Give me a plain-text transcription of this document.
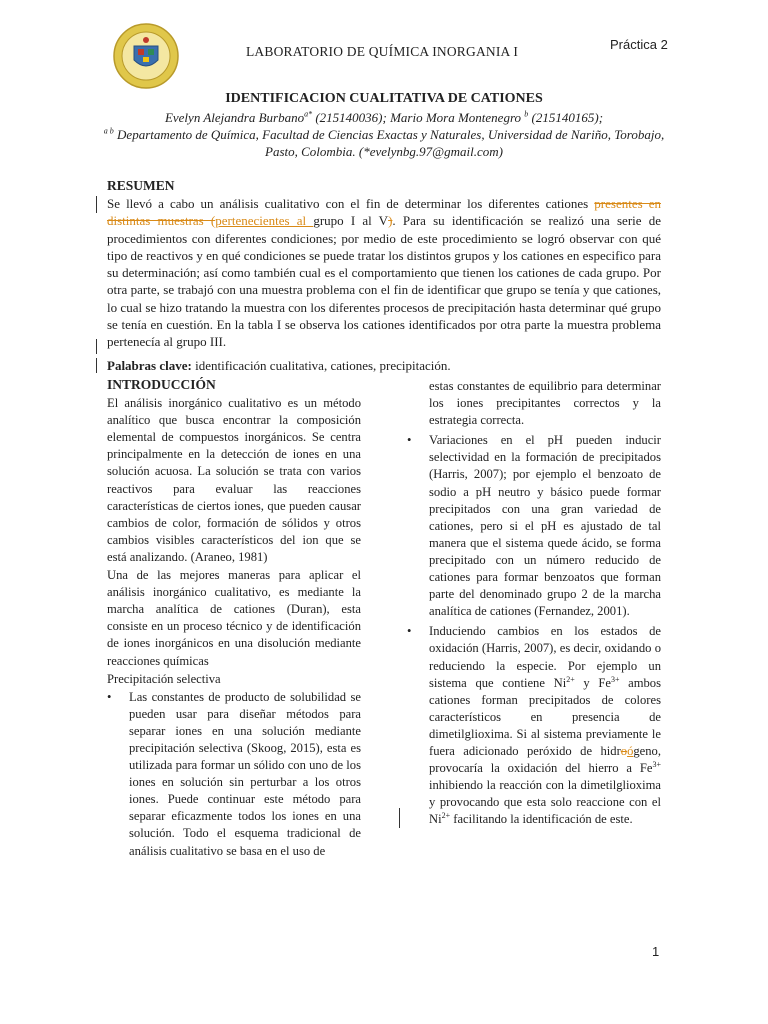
LABORATORIO DE QUÍMICA INORGANIA I	Práctica 2
IDENTIFICACION CUALITATIVA DE CATIONES
Evelyn Alejandra Burbano$^{a*}$ (215140036); Mario Mora Montenegro $^b$ (215140165);
$^{a b}$ Departamento de Química, Facultad de Ciencias Exactas y Naturales, Universidad de Nariño, Torobajo,
Pasto, Colombia. (*evelynbg.97@gmail.com)
RESUMEN
Se llevó a cabo un análisis cualitativo con el fin de determinar los diferentes cationes presentes en distintas muestras (pertenecientes al grupo I al V). Para su identificación se realizó una serie de procedimientos con diferentes condiciones; por medio de este procedimiento se logró observar con qué tipo de reactivos y en qué condiciones se puede tratar los distintos grupos y los cationes en especifico para su determinación; así como también cual es el comportamiento que tienen los cationes de cada grupo. Por otra parte, se trabajó con una muestra problema con el fin de identificar que grupo se tenía y que cationes, lo cual se hizo tratando la muestra con los diferentes procesos de precipitación hasta determinar qué grupo se tenía en cuestión. En la tabla I se observa los cationes identificados por otra parte la muestra problema pertenecía al grupo III.
Palabras clave: identificación cualitativa, cationes, precipitación.
INTRODUCCIÓN

El análisis inorgánico cualitativo es un método analítico que busca encontrar la composición elemental de compuestos inorgánicos. Se centra principalmente en la detección de iones en una solución acuosa. La solución se trata con varios reactivos para evaluar las reacciones características de ciertos iones, que pueden causar cambios de color, formación de sólidos y otros cambios visibles característicos del ion que se está analizando. (Araneo, 1981)

Una de las mejores maneras para aplicar el análisis inorgánico cualitativo, es mediante la marcha analítica de cationes (Duran), esta consiste en un proceso técnico y de identificación de iones inorgánicos en una disolución mediante reacciones químicas

Precipitación selectiva

• Las constantes de producto de solubilidad se pueden usar para diseñar métodos para separar iones en una solución mediante precipitación selectiva (Skoog, 2015), esta es utilizada para formar un sólido con uno de los iones en solución sin perturbar a los otros iones. Puede continuar este método para separar eficazmente todos los iones en una solución. Todo el esquema tradicional de análisis cualitativo se basa en el uso de
estas constantes de equilibrio para determinar los iones precipitantes correctos y la estrategia correcta.
• Variaciones en el pH pueden inducir selectividad en la formación de precipitados (Harris, 2007); por ejemplo el benzoato de sodio a pH neutro y básico puede formar precipitados con una gran variedad de cationes, pero si el pH es ajustado de tal manera que el sistema quede ácido, se forma precipitado con un número reducido de cationes para formar benzoatos que forman parte del denominado grupo 2 de la marcha analítica de cationes (Fernandez, 2001).
• Induciendo cambios en los estados de oxidación (Harris, 2007), es decir, oxidando o reduciendo la especie. Por ejemplo un sistema que contiene $Ni^{2+}$ y $Fe^{3+}$ ambos cationes forman precipitados de colores característicos en presencia de dimetilglioxima. Si al sistema previamente le fuera adicionado peróxido de hidroógeno, provocaría la oxidación del hierro a $Fe^{3+}$ inhibiendo la reacción con la dimetilglioxima y provocando que esta solo reaccione con el $Ni^{2+}$ facilitando la identificación de este.
1
